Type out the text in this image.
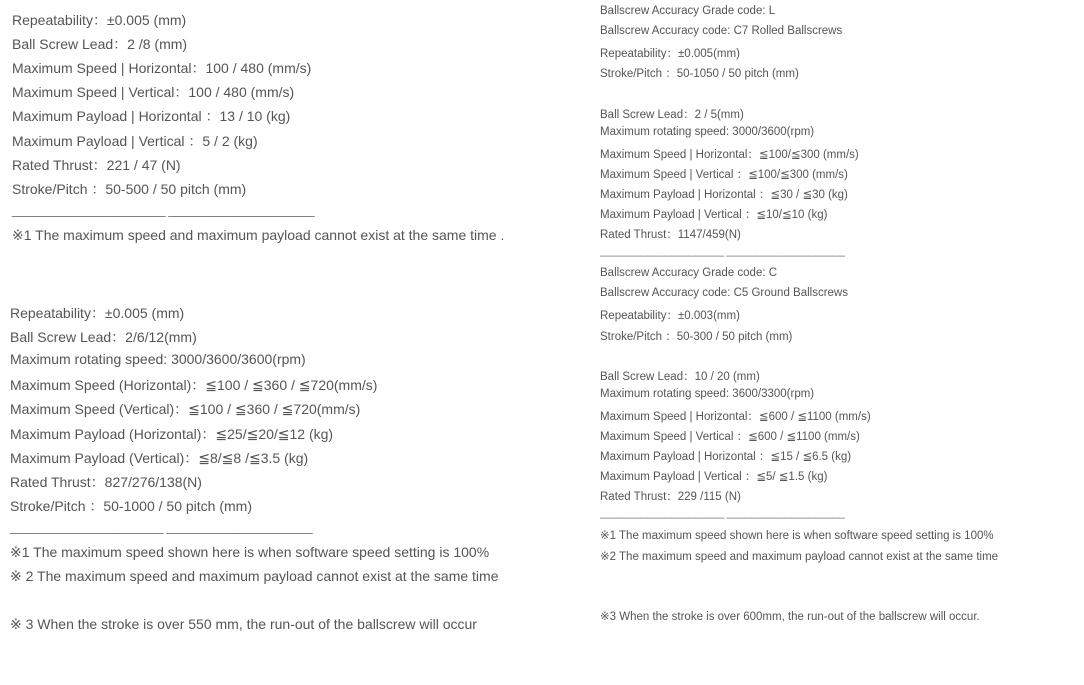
Repeatability：±0.005 (mm)
Ball Screw Lead：2 /8 (mm)
Maximum Speed | Horizontal：100 / 480 (mm/s)
Maximum Speed | Vertical：100 / 480 (mm/s)
Maximum Payload | Horizontal ：13 / 10 (kg)
Maximum Payload | Vertical ：5 / 2 (kg)
Rated Thrust：221 / 47 (N)
Stroke/Pitch ：50-500 / 50 pitch (mm)
_____________________ ____________________
※1 The maximum speed and maximum payload cannot exist at the same time .
Repeatability：±0.005 (mm)
Ball Screw Lead：2/6/12(mm)
Maximum rotating speed: 3000/3600/3600(rpm)
Maximum Speed (Horizontal)：≦100 / ≦360 / ≦720(mm/s)
Maximum Speed (Vertical)：≦100 / ≦360 / ≦720(mm/s)
Maximum Payload (Horizontal)：≦25/≦20/≦12 (kg)
Maximum Payload (Vertical)：≦8/≦8 /≦3.5 (kg)
Rated Thrust：827/276/138(N)
Stroke/Pitch ：50-1000 / 50 pitch (mm)
_____________________ ____________________
※1 The maximum speed shown here is when software speed setting is 100%
※ 2 The maximum speed and maximum payload cannot exist at the same time
※ 3 When the stroke is over 550 mm, the run-out of the ballscrew will occur
Ballscrew Accuracy Grade code: L
Ballscrew Accuracy code: C7 Rolled Ballscrews
Repeatability：±0.005(mm)
Stroke/Pitch ：50-1050 / 50 pitch (mm)
Ball Screw Lead：2 / 5(mm)
Maximum rotating speed: 3000/3600(rpm)
Maximum Speed | Horizontal：≦100/≦300 (mm/s)
Maximum Speed | Vertical ：≦100/≦300 (mm/s)
Maximum Payload | Horizontal ：≦30 / ≦30 (kg)
Maximum Payload | Vertical ：≦10/≦10 (kg)
Rated Thrust：1147/459(N)
_____________________ ____________________
Ballscrew Accuracy Grade code: C
Ballscrew Accuracy code: C5 Ground Ballscrews
Repeatability：±0.003(mm)
Stroke/Pitch ：50-300 / 50 pitch (mm)
Ball Screw Lead：10 / 20 (mm)
Maximum rotating speed: 3600/3300(rpm)
Maximum Speed | Horizontal：≦600 / ≦1100 (mm/s)
Maximum Speed | Vertical ：≦600 / ≦1100 (mm/s)
Maximum Payload | Horizontal ：≦15 / ≦6.5 (kg)
Maximum Payload | Vertical ：≦5/ ≦1.5 (kg)
Rated Thrust：229 /115 (N)
_____________________ ____________________
※1 The maximum speed shown here is when software speed setting is 100%
※2 The maximum speed and maximum payload cannot exist at the same time
※3 When the stroke is over 600mm, the run-out of the ballscrew will occur.
